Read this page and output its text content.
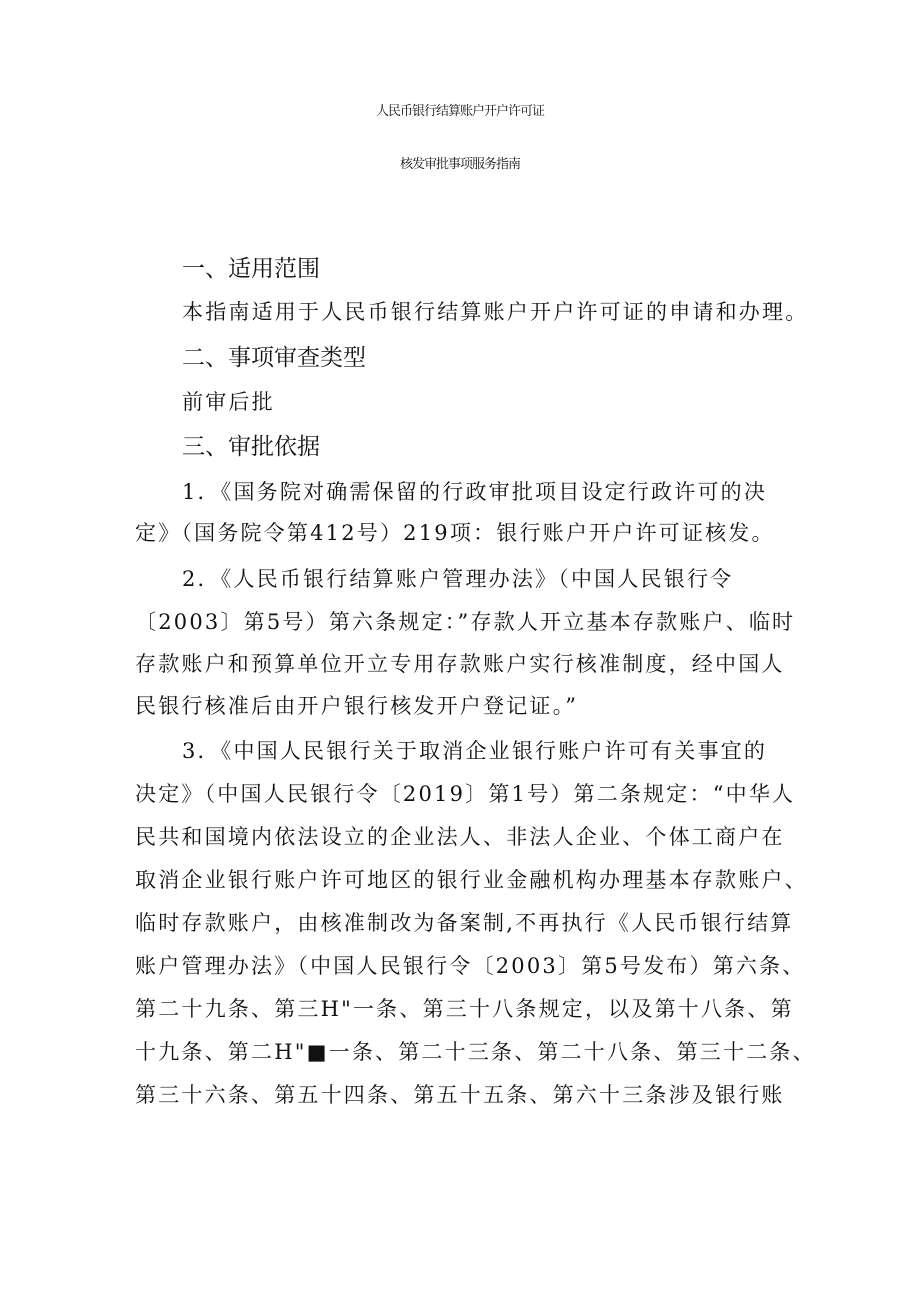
人民币银行结算账户开户许可证
核发审批事项服务指南
一、适用范围
本指南适用于人民币银行结算账户开户许可证的申请和办理。
二、事项审查类型
前审后批
三、审批依据
1．《国务院对确需保留的行政审批项目设定行政许可的决
定》（国务院令第412号）219项：银行账户开户许可证核发。
2．《人民币银行结算账户管理办法》（中国人民银行令
〔2003〕第5号）第六条规定：”存款人开立基本存款账户、临时
存款账户和预算单位开立专用存款账户实行核准制度，经中国人
民银行核准后由开户银行核发开户登记证。”
3．《中国人民银行关于取消企业银行账户许可有关事宜的
决定》（中国人民银行令〔2019〕第1号）第二条规定：“中华人
民共和国境内依法设立的企业法人、非法人企业、个体工商户在
取消企业银行账户许可地区的银行业金融机构办理基本存款账户、
临时存款账户，由核准制改为备案制,不再执行《人民币银行结算
账户管理办法》（中国人民银行令〔2003〕第5号发布）第六条、
第二十九条、第三H"一条、第三十八条规定，以及第十八条、第
十九条、第二H"■一条、第二十三条、第二十八条、第三十二条、
第三十六条、第五十四条、第五十五条、第六十三条涉及银行账
